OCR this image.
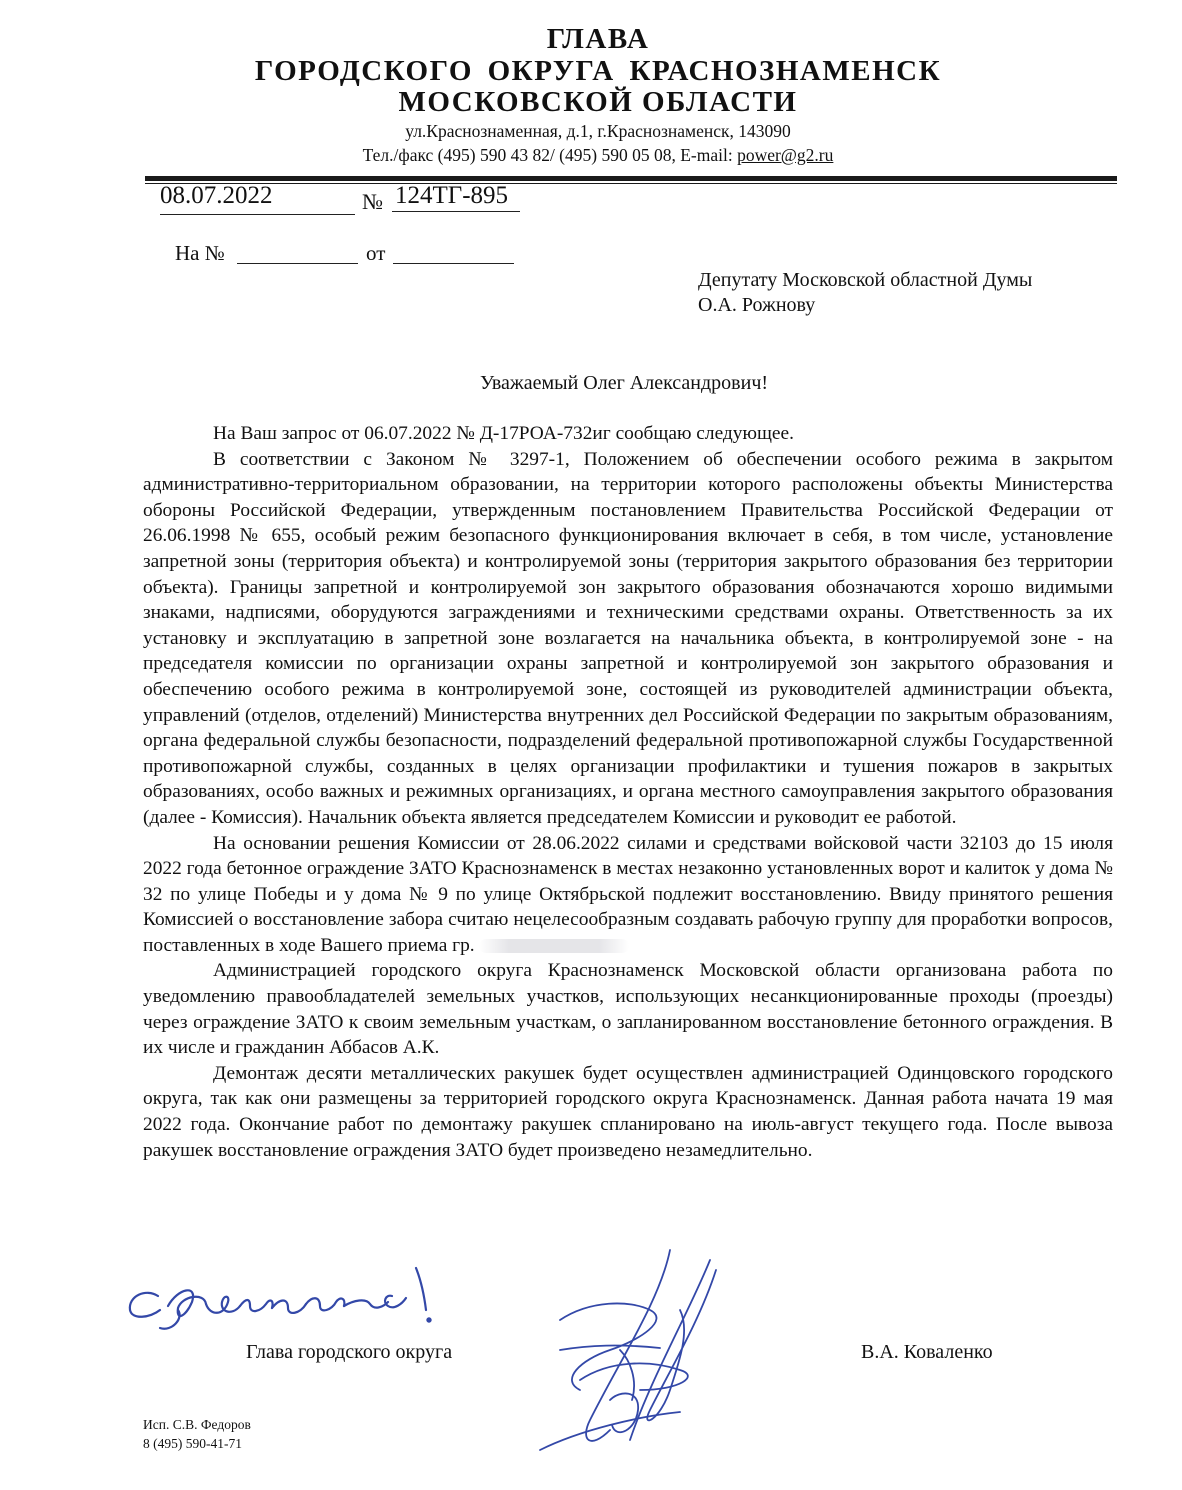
ГЛАВА
ГОРОДСКОГО ОКРУГА КРАСНОЗНАМЕНСК
МОСКОВСКОЙ ОБЛАСТИ
ул.Краснознаменная, д.1, г.Краснознаменск, 143090
Тел./факс (495) 590 43 82/ (495) 590 05 08, E-mail: power@g2.ru
08.07.2022	№ 124ТГ-895
На №	от
Депутату Московской областной Думы
О.А. Рожнову
Уважаемый Олег Александрович!

На Ваш запрос от 06.07.2022 № Д-17РОА-732иг сообщаю следующее.

В соответствии с Законом № 3297-1, Положением об обеспечении особого режима в закрытом административно-территориальном образовании, на территории которого расположены объекты Министерства обороны Российской Федерации, утвержденным постановлением Правительства Российской Федерации от 26.06.1998 № 655, особый режим безопасного функционирования включает в себя, в том числе, установление запретной зоны (территория объекта) и контролируемой зоны (территория закрытого образования без территории объекта). Границы запретной и контролируемой зон закрытого образования обозначаются хорошо видимыми знаками, надписями, оборудуются заграждениями и техническими средствами охраны. Ответственность за их установку и эксплуатацию в запретной зоне возлагается на начальника объекта, в контролируемой зоне - на председателя комиссии по организации охраны запретной и контролируемой зон закрытого образования и обеспечению особого режима в контролируемой зоне, состоящей из руководителей администрации объекта, управлений (отделов, отделений) Министерства внутренних дел Российской Федерации по закрытым образованиям, органа федеральной службы безопасности, подразделений федеральной противопожарной службы Государственной противопожарной службы, созданных в целях организации профилактики и тушения пожаров в закрытых образованиях, особо важных и режимных организациях, и органа местного самоуправления закрытого образования (далее - Комиссия). Начальник объекта является председателем Комиссии и руководит ее работой.

На основании решения Комиссии от 28.06.2022 силами и средствами войсковой части 32103 до 15 июля 2022 года бетонное ограждение ЗАТО Краснознаменск в местах незаконно установленных ворот и калиток у дома № 32 по улице Победы и у дома № 9 по улице Октябрьской подлежит восстановлению. Ввиду принятого решения Комиссией о восстановление забора считаю нецелесообразным создавать рабочую группу для проработки вопросов, поставленных в ходе Вашего приема гр.

Администрацией городского округа Краснознаменск Московской области организована работа по уведомлению правообладателей земельных участков, использующих несанкционированные проходы (проезды) через ограждение ЗАТО к своим земельным участкам, о запланированном восстановление бетонного ограждения. В их числе и гражданин Аббасов А.К.

Демонтаж десяти металлических ракушек будет осуществлен администрацией Одинцовского городского округа, так как они размещены за территорией городского округа Краснознаменск. Данная работа начата 19 мая 2022 года. Окончание работ по демонтажу ракушек спланировано на июль-август текущего года. После вывоза ракушек восстановление ограждения ЗАТО будет произведено незамедлительно.

Глава городского округа	В.А. Коваленко
Исп. С.В. Федоров
8 (495) 590-41-71
